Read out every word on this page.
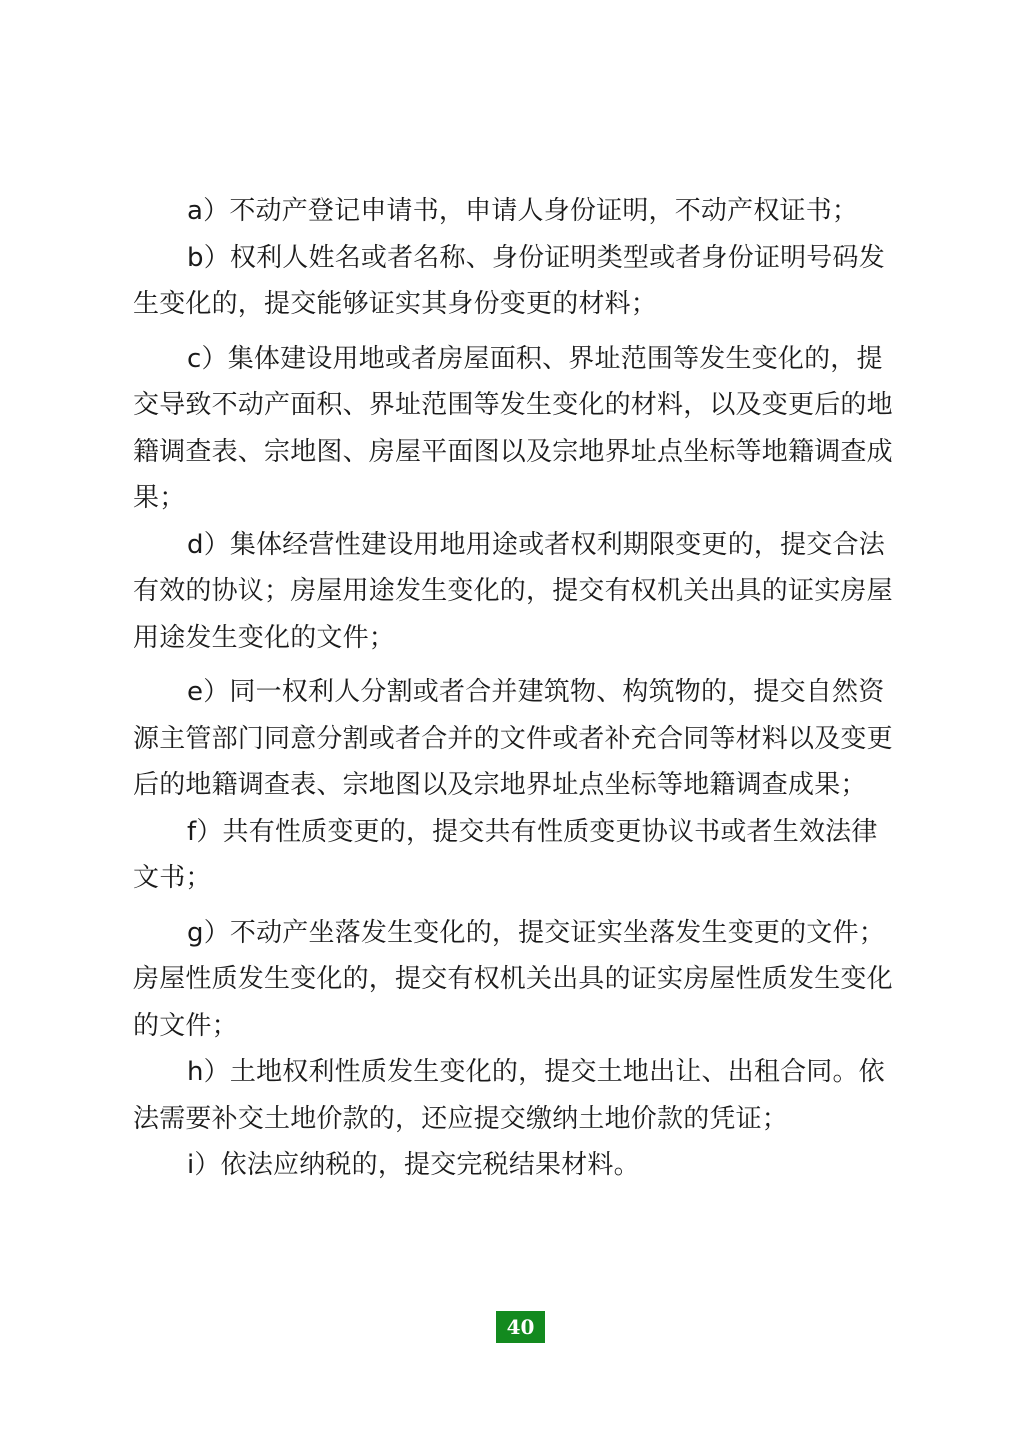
a）不动产登记申请书，申请人身份证明，不动产权证书；

b）权利人姓名或者名称、身份证明类型或者身份证明号码发生变化的，提交能够证实其身份变更的材料；

c）集体建设用地或者房屋面积、界址范围等发生变化的，提交导致不动产面积、界址范围等发生变化的材料，以及变更后的地籍调查表、宗地图、房屋平面图以及宗地界址点坐标等地籍调查成果；

d）集体经营性建设用地用途或者权利期限变更的，提交合法有效的协议；房屋用途发生变化的，提交有权机关出具的证实房屋用途发生变化的文件；

e）同一权利人分割或者合并建筑物、构筑物的，提交自然资源主管部门同意分割或者合并的文件或者补充合同等材料以及变更后的地籍调查表、宗地图以及宗地界址点坐标等地籍调查成果；

f）共有性质变更的，提交共有性质变更协议书或者生效法律文书；

g）不动产坐落发生变化的，提交证实坐落发生变更的文件；房屋性质发生变化的，提交有权机关出具的证实房屋性质发生变化的文件；

h）土地权利性质发生变化的，提交土地出让、出租合同。依法需要补交土地价款的，还应提交缴纳土地价款的凭证；

i）依法应纳税的，提交完税结果材料。

40
